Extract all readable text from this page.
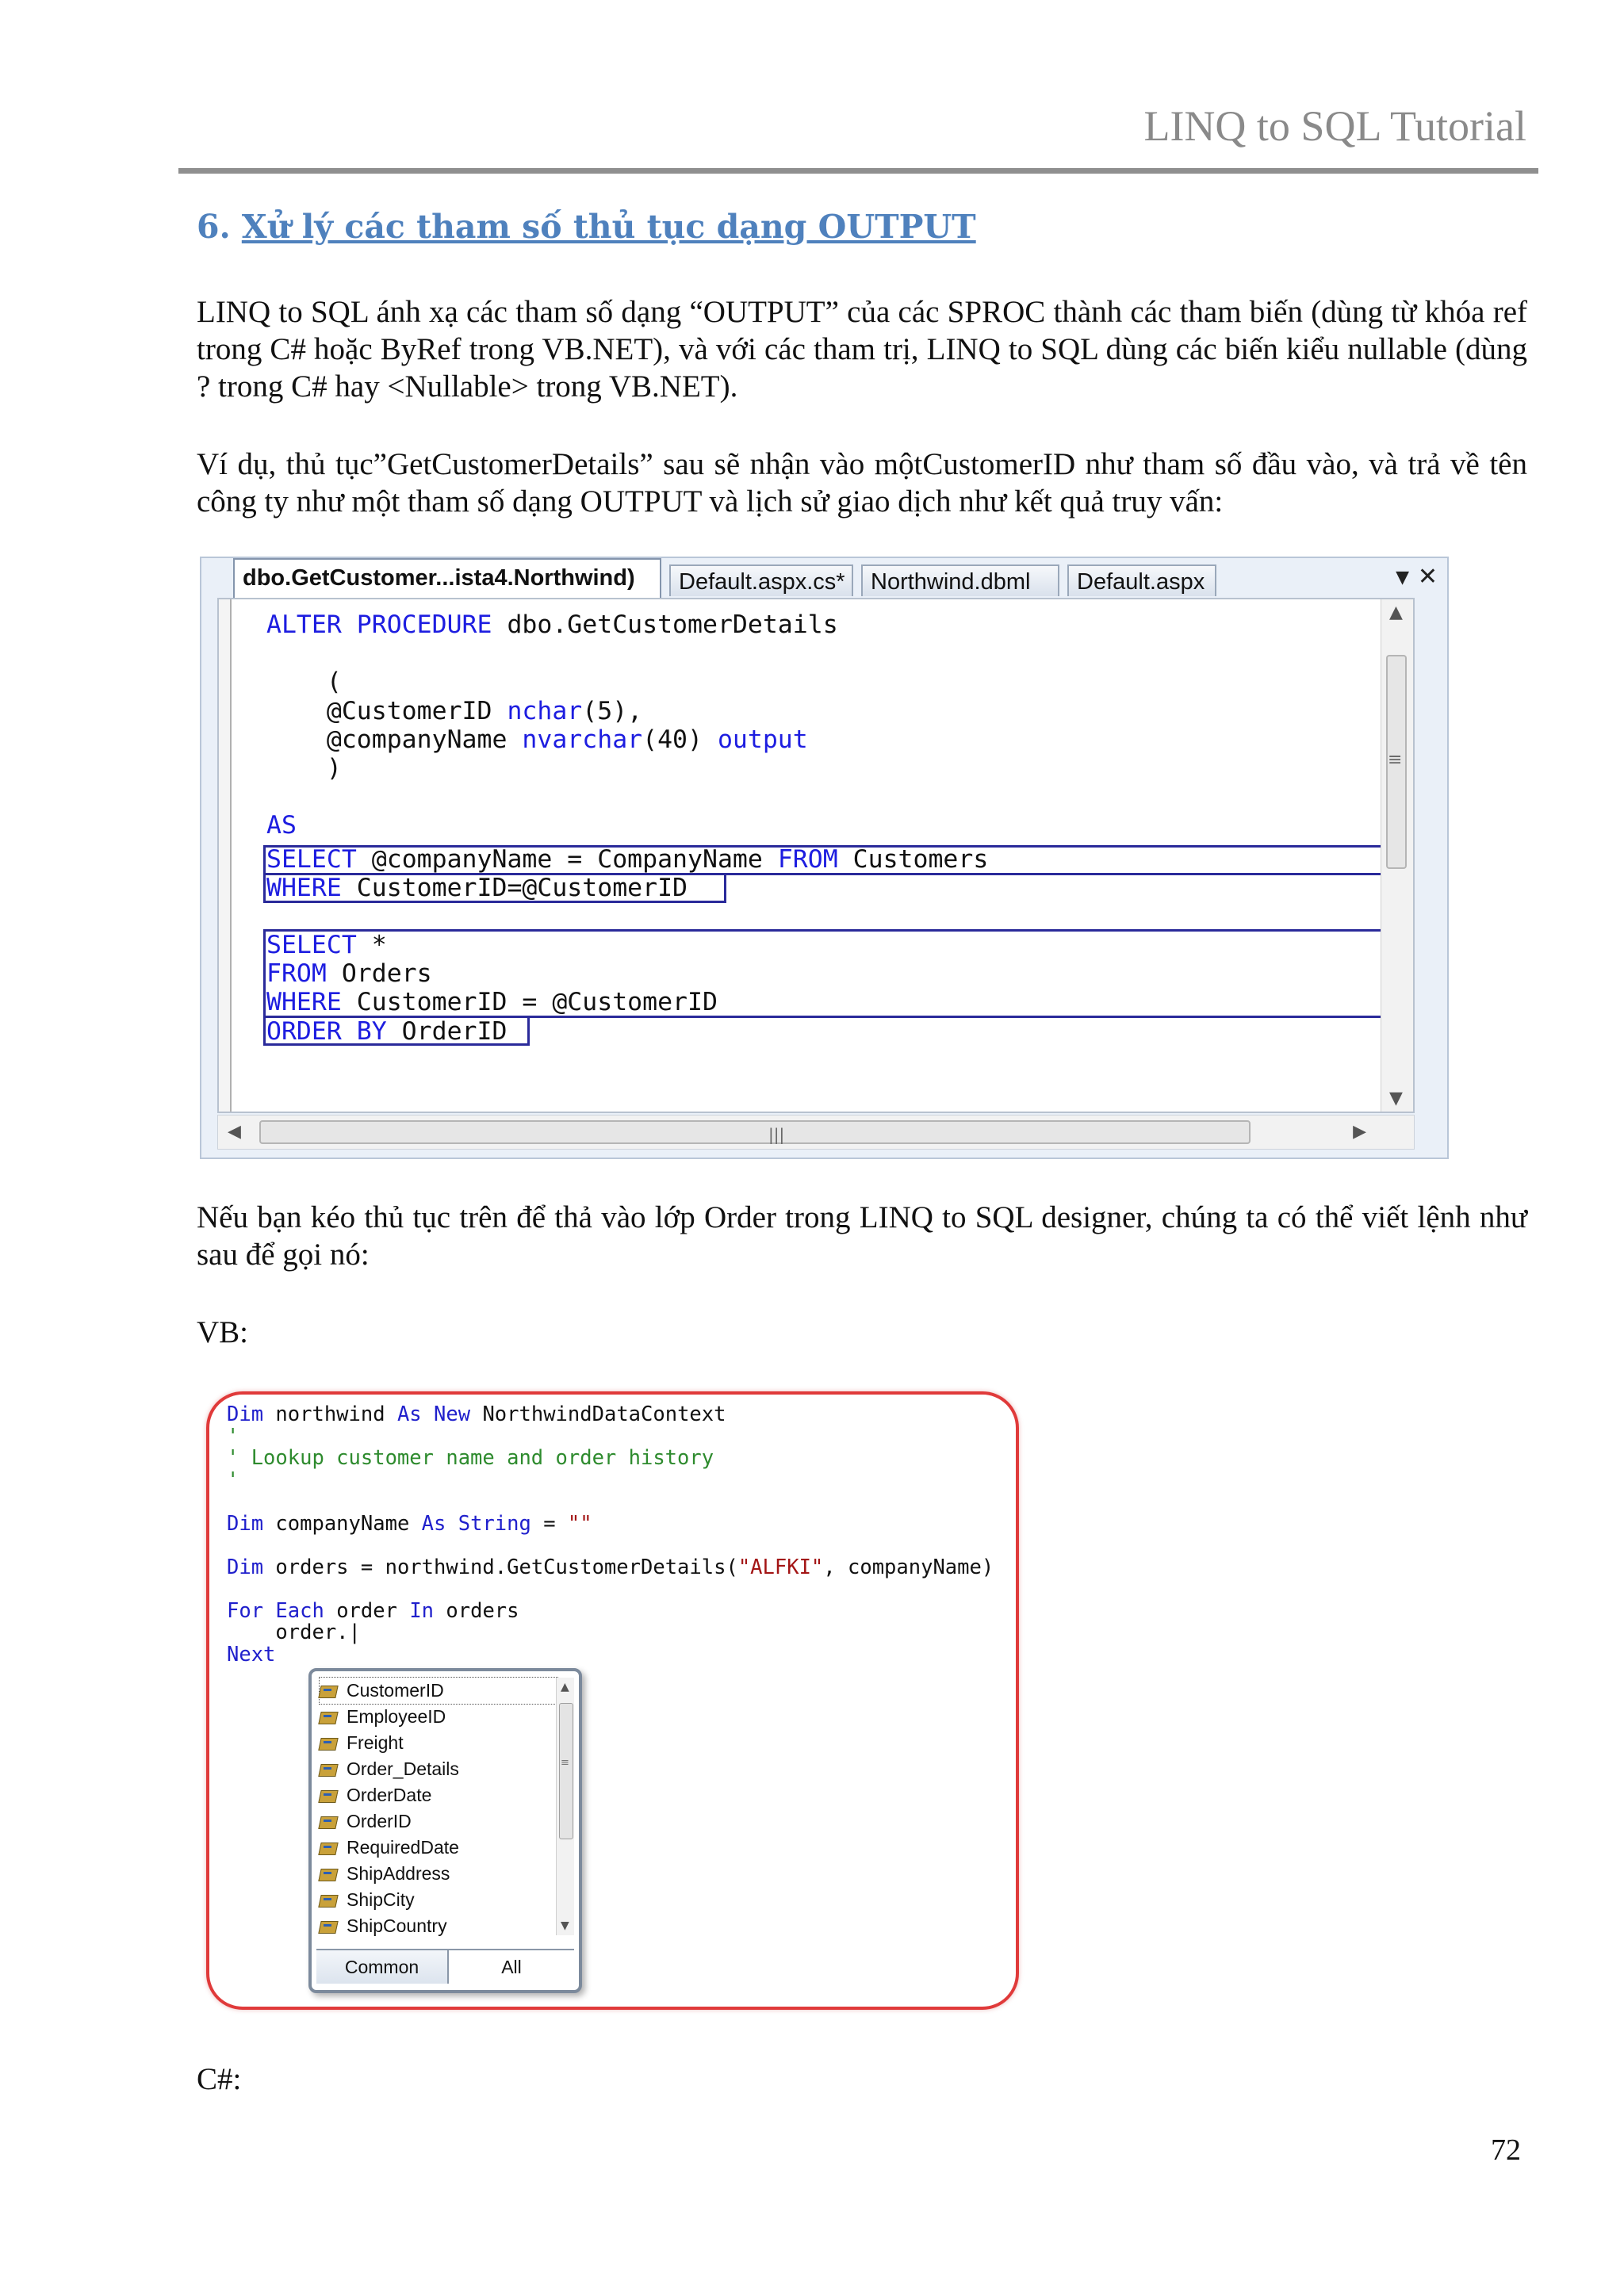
LINQ to SQL Tutorial
6. Xử lý các tham số thủ tục dạng OUTPUT
LINQ to SQL ánh xạ các tham số dạng “OUTPUT” của các SPROC thành các tham biến (dùng từ khóa ref trong C# hoặc ByRef trong VB.NET), và với các tham trị, LINQ to SQL dùng các biến kiểu nullable (dùng ? trong C# hay <Nullable> trong VB.NET).
Ví dụ, thủ tục”GetCustomerDetails” sau sẽ nhận vào mộtCustomerID như tham số đầu vào, và trả về tên công ty như một tham số dạng OUTPUT và lịch sử giao dịch như kết quả truy vấn:
dbo.GetCustomer...ista4.Northwind)	Default.aspx.cs*	Northwind.dbml	Default.aspx	▼ ✕
ALTER PROCEDURE dbo.GetCustomerDetails

(
@CustomerID nchar(5),
@companyName nvarchar(40) output
)

AS
SELECT @companyName = CompanyName FROM Customers
WHERE CustomerID=@CustomerID
SELECT *
FROM Orders
WHERE CustomerID = @CustomerID
ORDER BY OrderID
▲
≡
▼
◀	|||	▶
Nếu bạn kéo thủ tục trên để thả vào lớp Order trong LINQ to SQL designer, chúng ta có thể viết lệnh như sau để gọi nó:
VB:
Dim northwind As New NorthwindDataContext
'
' Lookup customer name and order history
'

Dim companyName As String = ""

Dim orders = northwind.GetCustomerDetails("ALFKI", companyName)

For Each order In orders
order.|
Next
CustomerID
EmployeeID
Freight
Order_Details
OrderDate
OrderID
RequiredDate
ShipAddress
ShipCity
ShipCountry
▲
≡
▼
Common	All
C#:
72
